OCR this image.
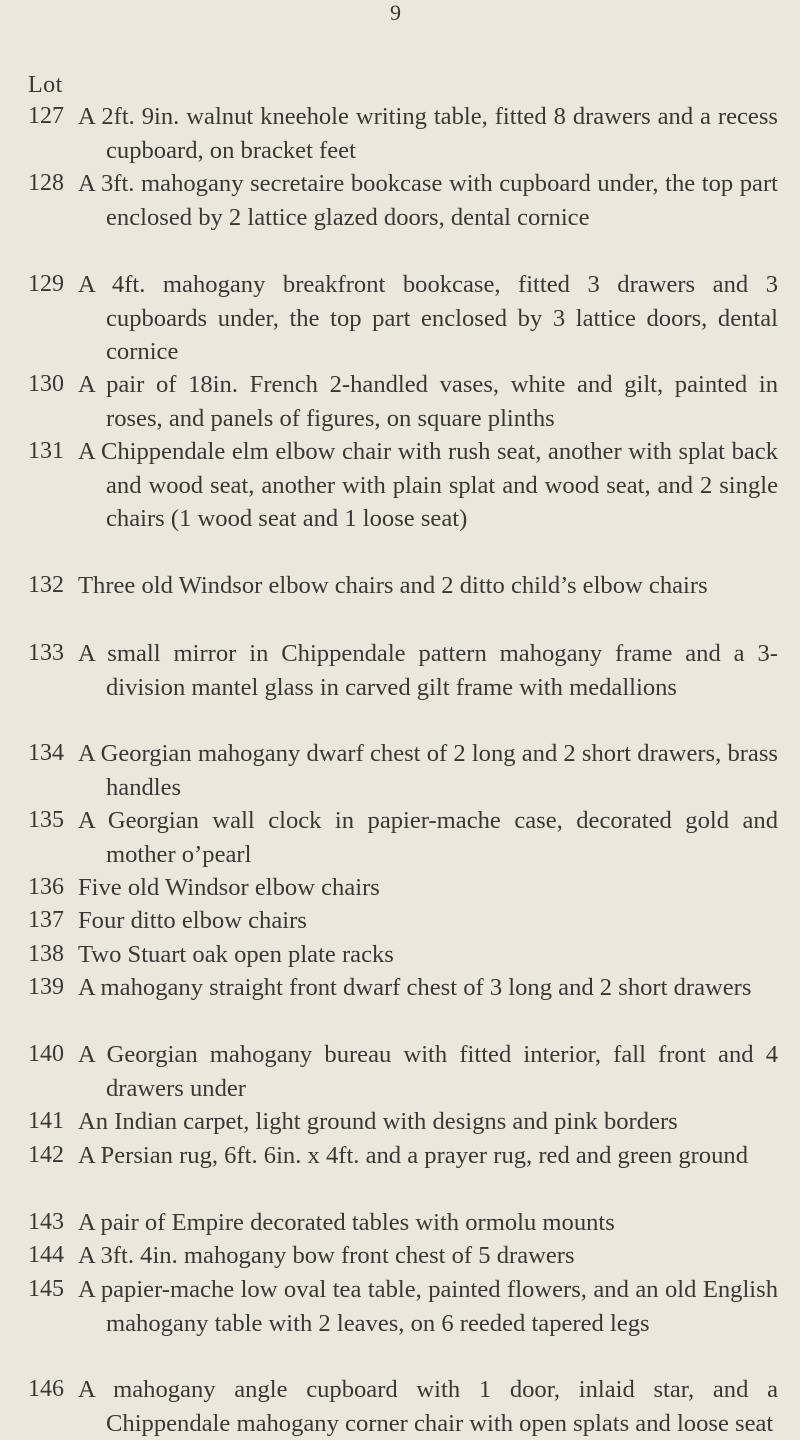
9
Lot
127 A 2ft. 9in. walnut kneehole writing table, fitted 8 drawers and a recess cupboard, on bracket feet
128 A 3ft. mahogany secretaire bookcase with cupboard under, the top part enclosed by 2 lattice glazed doors, dental cornice
129 A 4ft. mahogany breakfront bookcase, fitted 3 drawers and 3 cupboards under, the top part enclosed by 3 lattice doors, dental cornice
130 A pair of 18in. French 2-handled vases, white and gilt, painted in roses, and panels of figures, on square plinths
131 A Chippendale elm elbow chair with rush seat, another with splat back and wood seat, another with plain splat and wood seat, and 2 single chairs (1 wood seat and 1 loose seat)
132 Three old Windsor elbow chairs and 2 ditto child’s elbow chairs
133 A small mirror in Chippendale pattern mahogany frame and a 3-division mantel glass in carved gilt frame with medallions
134 A Georgian mahogany dwarf chest of 2 long and 2 short drawers, brass handles
135 A Georgian wall clock in papier-mache case, decorated gold and mother o’pearl
136 Five old Windsor elbow chairs
137 Four ditto elbow chairs
138 Two Stuart oak open plate racks
139 A mahogany straight front dwarf chest of 3 long and 2 short drawers
140 A Georgian mahogany bureau with fitted interior, fall front and 4 drawers under
141 An Indian carpet, light ground with designs and pink borders
142 A Persian rug, 6ft. 6in. x 4ft. and a prayer rug, red and green ground
143 A pair of Empire decorated tables with ormolu mounts
144 A 3ft. 4in. mahogany bow front chest of 5 drawers
145 A papier-mache low oval tea table, painted flowers, and an old English mahogany table with 2 leaves, on 6 reeded tapered legs
146 A mahogany angle cupboard with 1 door, inlaid star, and a Chippendale mahogany corner chair with open splats and loose seat
